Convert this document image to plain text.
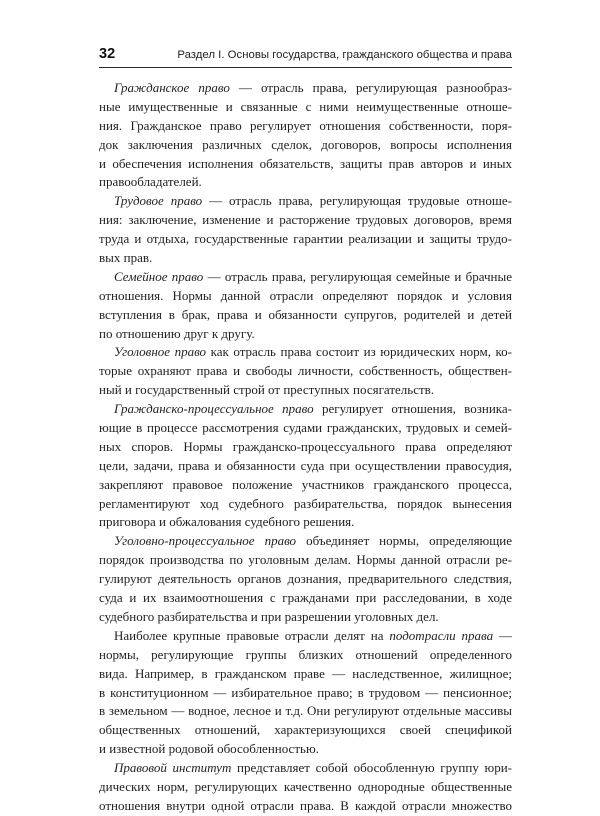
32	Раздел I. Основы государства, гражданского общества и права
Гражданское право — отрасль права, регулирующая разнообраз-
ные имущественные и связанные с ними неимущественные отноше-
ния. Гражданское право регулирует отношения собственности, поря-
док заключения различных сделок, договоров, вопросы исполнения
и обеспечения исполнения обязательств, защиты прав авторов и иных
правообладателей.
Трудовое право — отрасль права, регулирующая трудовые отноше-
ния: заключение, изменение и расторжение трудовых договоров, время
труда и отдыха, государственные гарантии реализации и защиты трудо-
вых прав.
Семейное право — отрасль права, регулирующая семейные и брачные
отношения. Нормы данной отрасли определяют порядок и условия
вступления в брак, права и обязанности супругов, родителей и детей
по отношению друг к другу.
Уголовное право как отрасль права состоит из юридических норм, ко-
торые охраняют права и свободы личности, собственность, обществен-
ный и государственный строй от преступных посягательств.
Гражданско-процессуальное право регулирует отношения, возника-
ющие в процессе рассмотрения судами гражданских, трудовых и семей-
ных споров. Нормы гражданско-процессуального права определяют
цели, задачи, права и обязанности суда при осуществлении правосудия,
закрепляют правовое положение участников гражданского процесса,
регламентируют ход судебного разбирательства, порядок вынесения
приговора и обжалования судебного решения.
Уголовно-процессуальное право объединяет нормы, определяющие
порядок производства по уголовным делам. Нормы данной отрасли ре-
гулируют деятельность органов дознания, предварительного следствия,
суда и их взаимоотношения с гражданами при расследовании, в ходе
судебного разбирательства и при разрешении уголовных дел.
Наиболее крупные правовые отрасли делят на подотрасли права —
нормы, регулирующие группы близких отношений определенного
вида. Например, в гражданском праве — наследственное, жилищное;
в конституционном — избирательное право; в трудовом — пенсионное;
в земельном — водное, лесное и т.д. Они регулируют отдельные массивы
общественных отношений, характеризующихся своей спецификой
и известной родовой обособленностью.
Правовой институт представляет собой обособленную группу юри-
дических норм, регулирующих качественно однородные общественные
отношения внутри одной отрасли права. В каждой отрасли множество
